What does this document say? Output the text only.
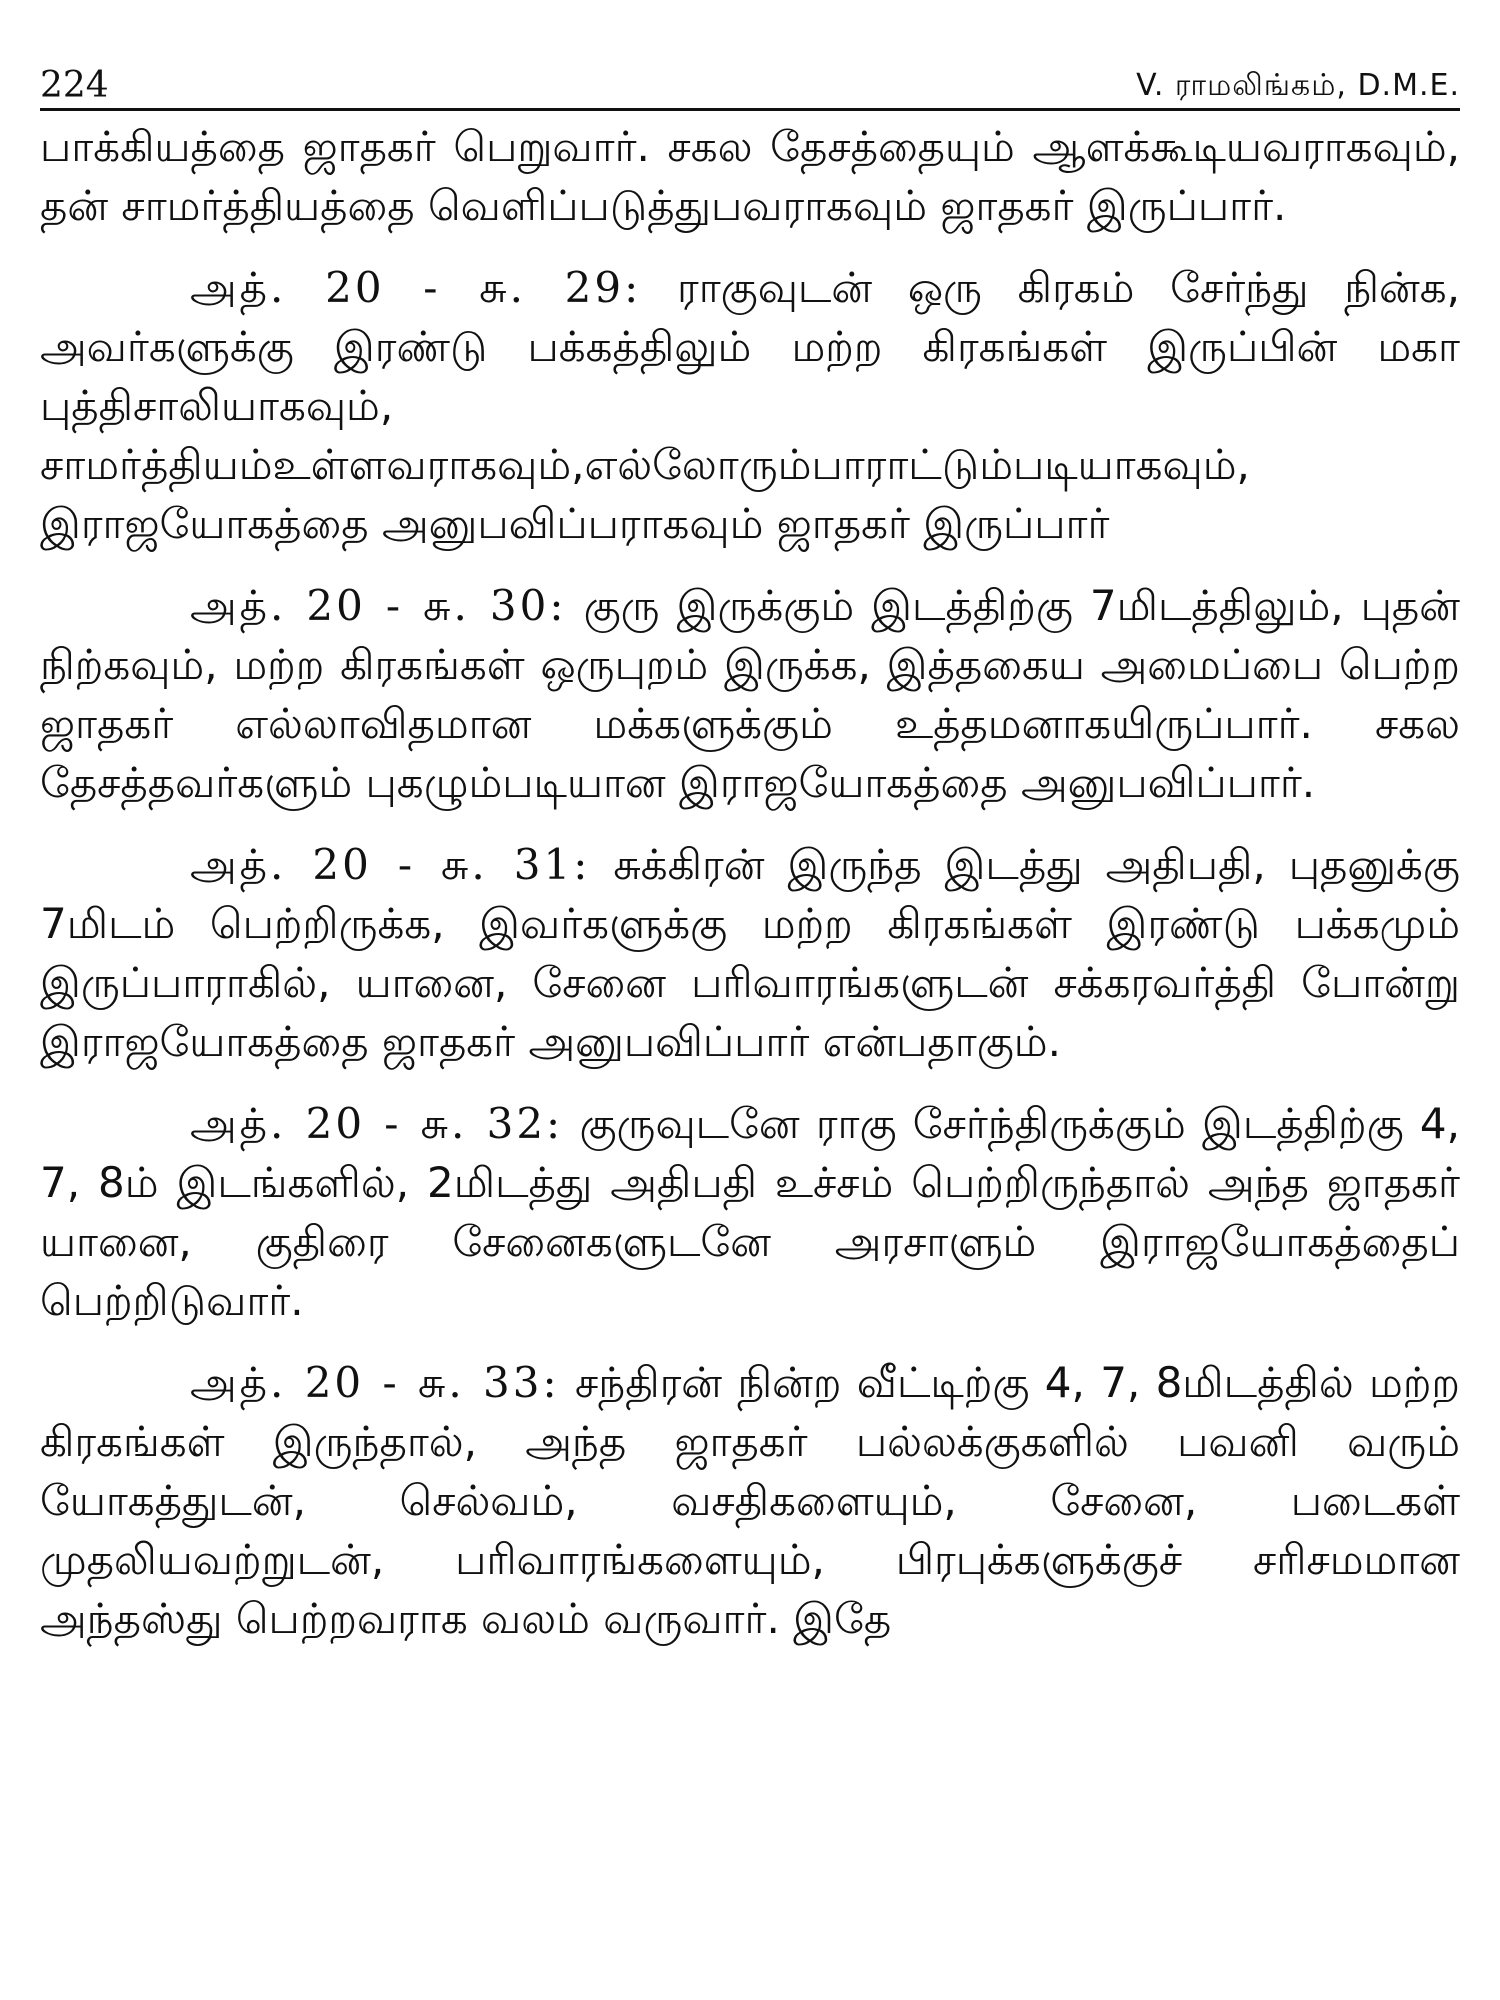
224	V. ராமலிங்கம், D.M.E.

பாக்கியத்தை ஜாதகர் பெறுவார். சகல தேசத்தையும் ஆளக்கூடியவராகவும், தன் சாமர்த்தியத்தை வெளிப்படுத்துபவராகவும் ஜாதகர் இருப்பார்.

அத். 20 - சு. 29: ராகுவுடன் ஒரு கிரகம் சேர்ந்து நின்க, அவர்களுக்கு இரண்டு பக்கத்திலும் மற்ற கிரகங்கள் இருப்பின் மகா புத்திசாலியாகவும், சாமர்த்தியம்உள்ளவராகவும்,எல்லோரும்பாராட்டும்படியாகவும், இராஜயோகத்தை அனுபவிப்பராகவும் ஜாதகர் இருப்பார்

அத். 20 - சு. 30: குரு இருக்கும் இடத்திற்கு 7மிடத்திலும், புதன் நிற்கவும், மற்ற கிரகங்கள் ஒருபுறம் இருக்க, இத்தகைய அமைப்பை பெற்ற ஜாதகர் எல்லாவிதமான மக்களுக்கும் உத்தமனாகயிருப்பார். சகல தேசத்தவர்களும் புகழும்படியான இராஜயோகத்தை அனுபவிப்பார்.

அத். 20 - சு. 31: சுக்கிரன் இருந்த இடத்து அதிபதி, புதனுக்கு 7மிடம் பெற்றிருக்க, இவர்களுக்கு மற்ற கிரகங்கள் இரண்டு பக்கமும் இருப்பாராகில், யானை, சேனை பரிவாரங்களுடன் சக்கரவர்த்தி போன்று இராஜயோகத்தை ஜாதகர் அனுபவிப்பார் என்பதாகும்.

அத். 20 - சு. 32: குருவுடனே ராகு சேர்ந்திருக்கும் இடத்திற்கு 4, 7, 8ம் இடங்களில், 2மிடத்து அதிபதி உச்சம் பெற்றிருந்தால் அந்த ஜாதகர் யானை, குதிரை சேனைகளுடனே அரசாளும் இராஜயோகத்தைப் பெற்றிடுவார்.

அத். 20 - சு. 33: சந்திரன் நின்ற வீட்டிற்கு 4, 7, 8மிடத்தில் மற்ற கிரகங்கள் இருந்தால், அந்த ஜாதகர் பல்லக்குகளில் பவனி வரும் யோகத்துடன், செல்வம், வசதிகளையும், சேனை, படைகள் முதலியவற்றுடன், பரிவாரங்களையும், பிரபுக்களுக்குச் சரிசமமான அந்தஸ்து பெற்றவராக வலம் வருவார். இதே
